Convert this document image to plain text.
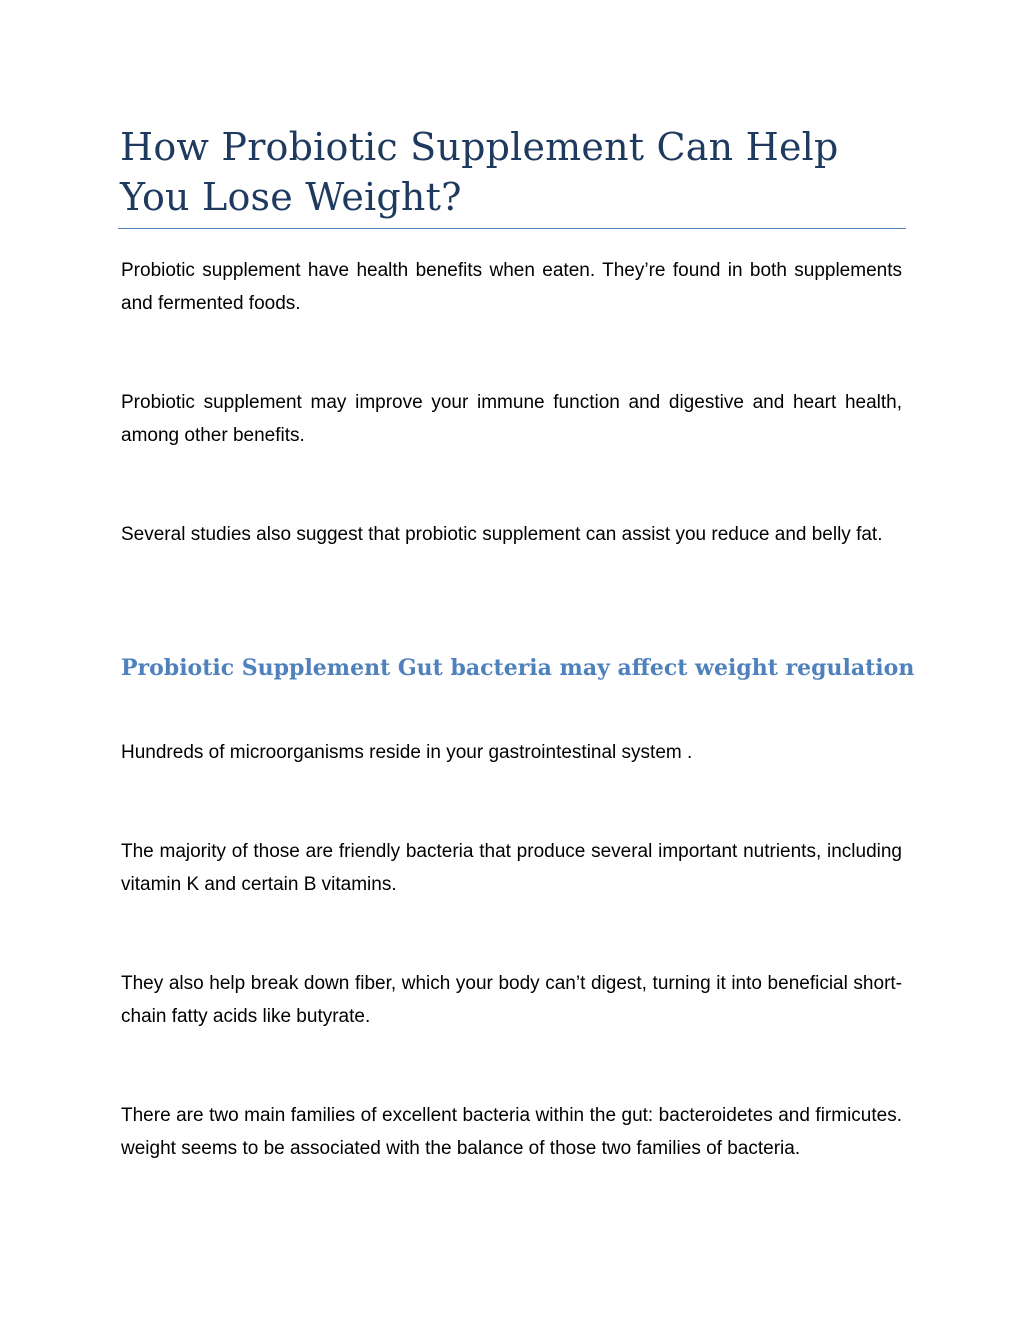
How Probiotic Supplement Can Help You Lose Weight?

Probiotic supplement have health benefits when eaten. They’re found in both supplements and fermented foods.

Probiotic supplement may improve your immune function and digestive and heart health, among other benefits.

Several studies also suggest that probiotic supplement can assist you reduce and belly fat.

Probiotic Supplement Gut bacteria may affect weight regulation

Hundreds of microorganisms reside in your gastrointestinal system .

The majority of those are friendly bacteria that produce several important nutrients, including vitamin K and certain B vitamins.

They also help break down fiber, which your body can’t digest, turning it into beneficial short-chain fatty acids like butyrate.

There are two main families of excellent bacteria within the gut: bacteroidetes and firmicutes. weight seems to be associated with the balance of those two families of bacteria.
